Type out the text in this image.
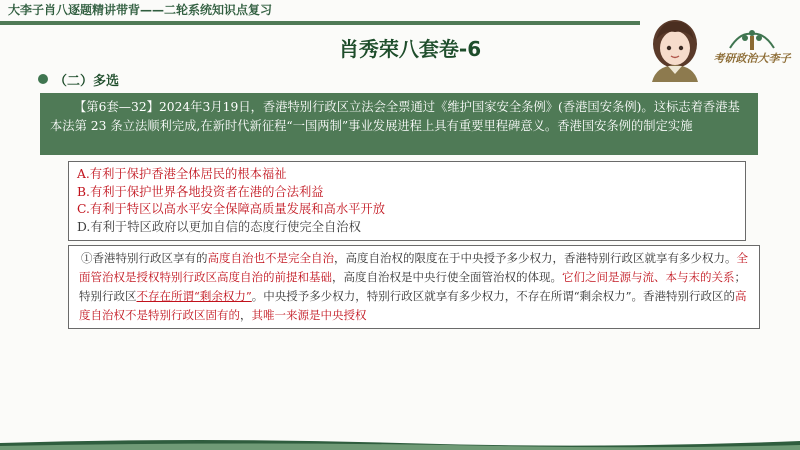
大李子肖八逐题精讲带背——二轮系统知识点复习
肖秀荣八套卷-6	考研政治大李子
（二）多选
【第6套—32】2024年3月19日，香港特别行政区立法会全票通过《维护国家安全条例》(香港国安条例)。这标志着香港基本法第 23 条立法顺利完成,在新时代新征程“一国两制”事业发展进程上具有重要里程碑意义。香港国安条例的制定实施
A.有利于保护香港全体居民的根本福祉
B.有利于保护世界各地投资者在港的合法利益
C.有利于特区以高水平安全保障高质量发展和高水平开放
D.有利于特区政府以更加自信的态度行使完全自治权
①香港特别行政区享有的高度自治也不是完全自治，高度自治权的限度在于中央授予多少权力，香港特别行政区就享有多少权力。全面管治权是授权特别行政区高度自治的前提和基础，高度自治权是中央行使全面管治权的体现。它们之间是源与流、本与末的关系；特别行政区不存在所谓“剩余权力”。中央授予多少权力，特别行政区就享有多少权力，不存在所谓“剩余权力”。香港特别行政区的高度自治权不是特别行政区固有的，其唯一来源是中央授权
